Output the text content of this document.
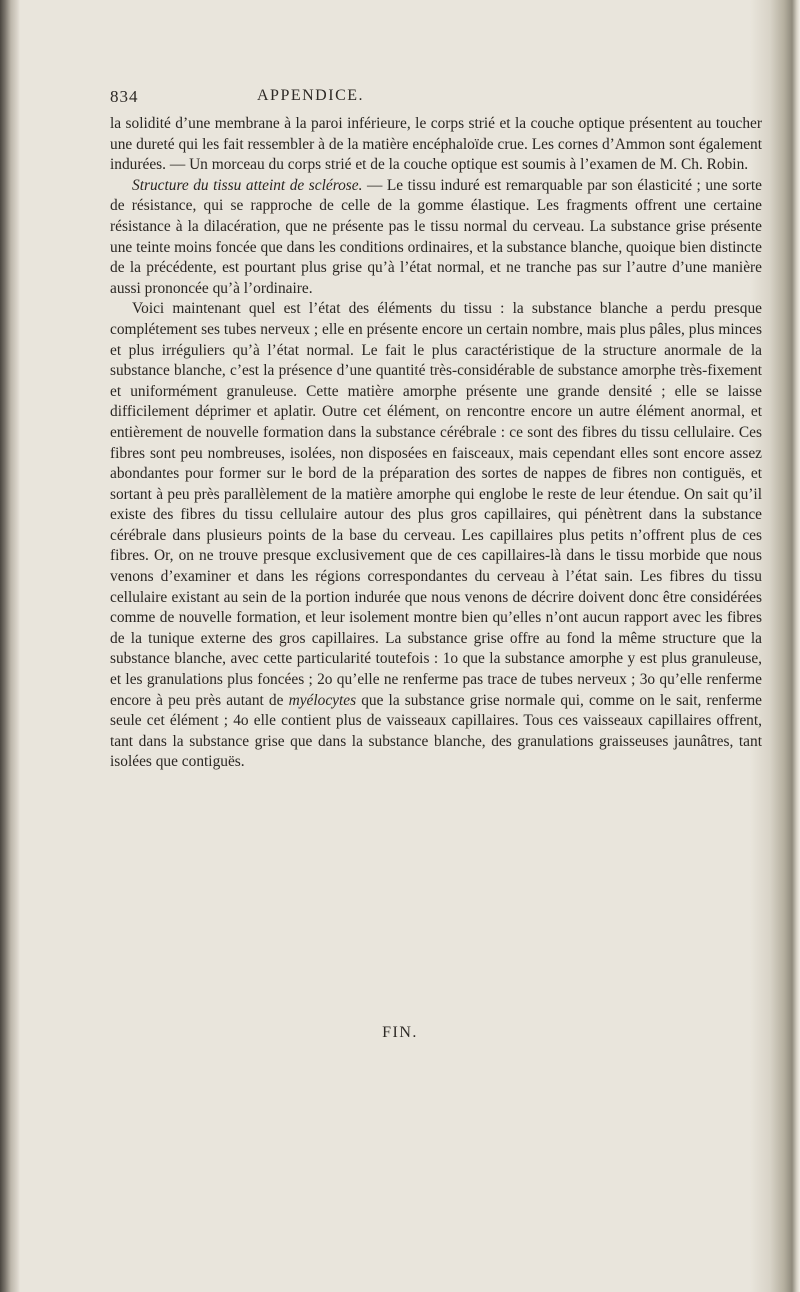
834	APPENDICE.

la solidité d’une membrane à la paroi inférieure, le corps strié et la couche optique présentent au toucher une dureté qui les fait ressembler à de la matière encéphaloïde crue. Les cornes d’Ammon sont également indurées. — Un morceau du corps strié et de la couche optique est soumis à l’examen de M. Ch. Robin.

Structure du tissu atteint de sclérose. — Le tissu induré est remarquable par son élasticité ; une sorte de résistance, qui se rapproche de celle de la gomme élastique. Les fragments offrent une certaine résistance à la dilacération, que ne présente pas le tissu normal du cerveau. La substance grise présente une teinte moins foncée que dans les conditions ordinaires, et la substance blanche, quoique bien distincte de la précédente, est pourtant plus grise qu’à l’état normal, et ne tranche pas sur l’autre d’une manière aussi prononcée qu’à l’ordinaire.

Voici maintenant quel est l’état des éléments du tissu : la substance blanche a perdu presque complétement ses tubes nerveux ; elle en présente encore un certain nombre, mais plus pâles, plus minces et plus irréguliers qu’à l’état normal. Le fait le plus caractéristique de la structure anormale de la substance blanche, c’est la présence d’une quantité très-considérable de substance amorphe très-fixement et uniformément granuleuse. Cette matière amorphe présente une grande densité ; elle se laisse difficilement déprimer et aplatir. Outre cet élément, on rencontre encore un autre élément anormal, et entièrement de nouvelle formation dans la substance cérébrale : ce sont des fibres du tissu cellulaire. Ces fibres sont peu nombreuses, isolées, non disposées en faisceaux, mais cependant elles sont encore assez abondantes pour former sur le bord de la préparation des sortes de nappes de fibres non contiguës, et sortant à peu près parallèlement de la matière amorphe qui englobe le reste de leur étendue. On sait qu’il existe des fibres du tissu cellulaire autour des plus gros capillaires, qui pénètrent dans la substance cérébrale dans plusieurs points de la base du cerveau. Les capillaires plus petits n’offrent plus de ces fibres. Or, on ne trouve presque exclusivement que de ces capillaires-là dans le tissu morbide que nous venons d’examiner et dans les régions correspondantes du cerveau à l’état sain. Les fibres du tissu cellulaire existant au sein de la portion indurée que nous venons de décrire doivent donc être considérées comme de nouvelle formation, et leur isolement montre bien qu’elles n’ont aucun rapport avec les fibres de la tunique externe des gros capillaires. La substance grise offre au fond la même structure que la substance blanche, avec cette particularité toutefois : 1o que la substance amorphe y est plus granuleuse, et les granulations plus foncées ; 2o qu’elle ne renferme pas trace de tubes nerveux ; 3o qu’elle renferme encore à peu près autant de myélocytes que la substance grise normale qui, comme on le sait, renferme seule cet élément ; 4o elle contient plus de vaisseaux capillaires. Tous ces vaisseaux capillaires offrent, tant dans la substance grise que dans la substance blanche, des granulations graisseuses jaunâtres, tant isolées que contiguës.

FIN.
